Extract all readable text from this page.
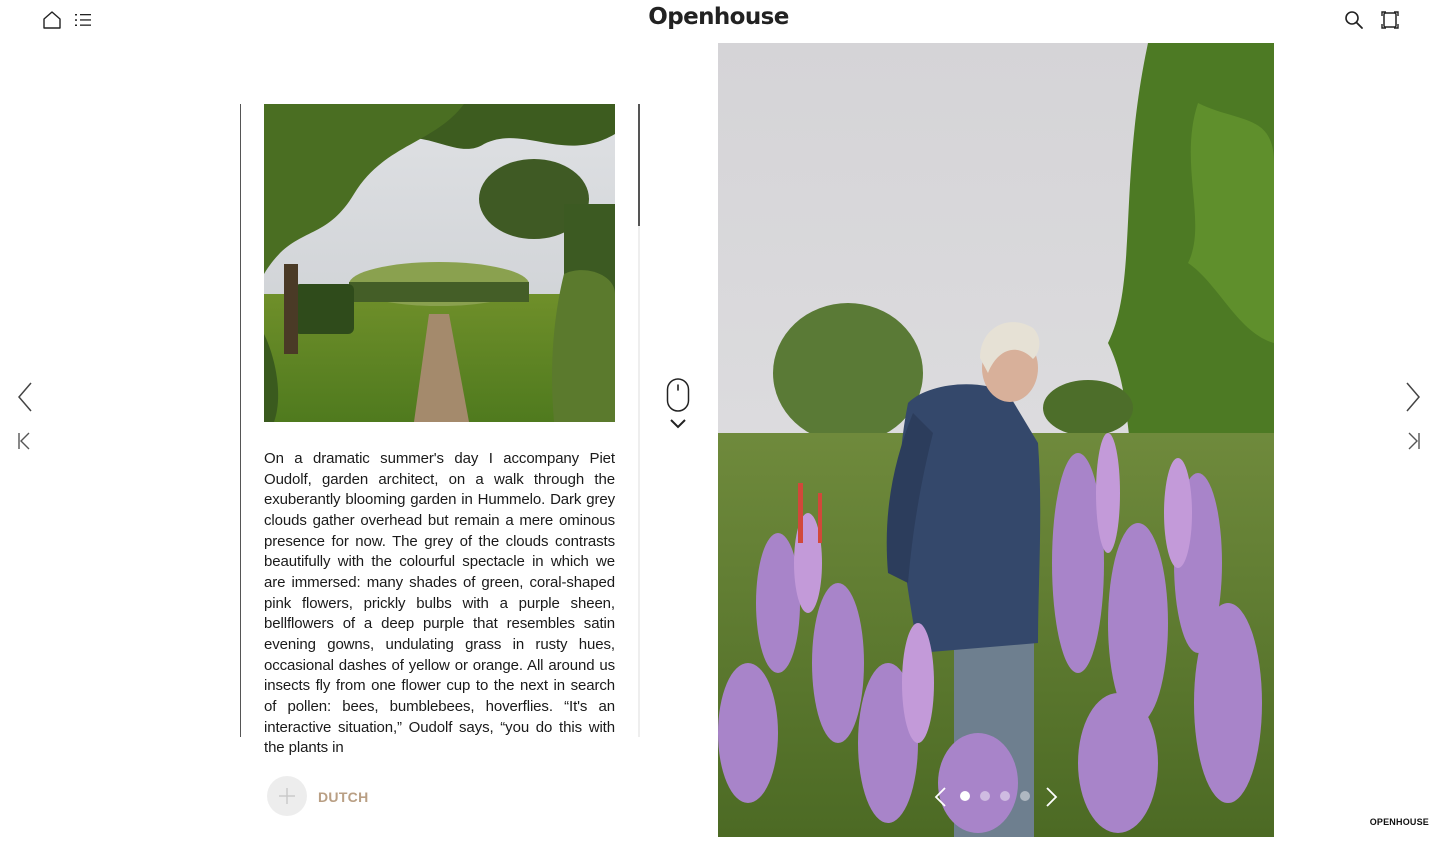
Openhouse
On a dramatic summer's day I accompany Piet Oudolf, garden architect, on a walk through the exuberantly blooming garden in Hummelo. Dark grey clouds gather overhead but remain a mere ominous presence for now. The grey of the clouds contrasts beautifully with the colourful spectacle in which we are immersed: many shades of green, coral-shaped pink flowers, prickly bulbs with a purple sheen, bellflowers of a deep purple that resembles satin evening gowns, undulating grass in rusty hues, occasional dashes of yellow or orange. All around us insects fly from one flower cup to the next in search of pollen: bees, bumblebees, hoverflies. “It's an interactive situation,” Oudolf says, “you do this with the plants in
DUTCH
OPENHOUSE
